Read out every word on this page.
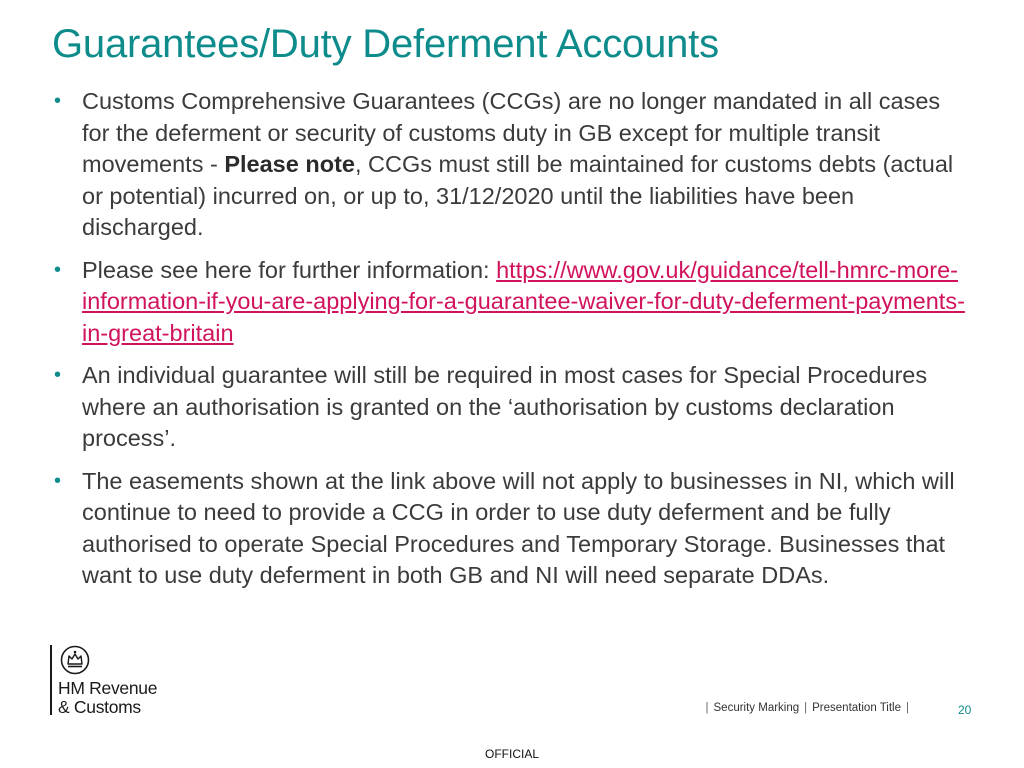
Guarantees/Duty Deferment Accounts
• Customs Comprehensive Guarantees (CCGs) are no longer mandated in all cases for the deferment or security of customs duty in GB except for multiple transit movements - Please note, CCGs must still be maintained for customs debts (actual or potential) incurred on, or up to, 31/12/2020 until the liabilities have been discharged.
• Please see here for further information: https://www.gov.uk/guidance/tell-hmrc-more-information-if-you-are-applying-for-a-guarantee-waiver-for-duty-deferment-payments-in-great-britain
• An individual guarantee will still be required in most cases for Special Procedures where an authorisation is granted on the ‘authorisation by customs declaration process’.
• The easements shown at the link above will not apply to businesses in NI, which will continue to need to provide a CCG in order to use duty deferment and be fully authorised to operate Special Procedures and Temporary Storage. Businesses that want to use duty deferment in both GB and NI will need separate DDAs.
HM Revenue
& Customs	| Security Marking | Presentation Title |	20
OFFICIAL
